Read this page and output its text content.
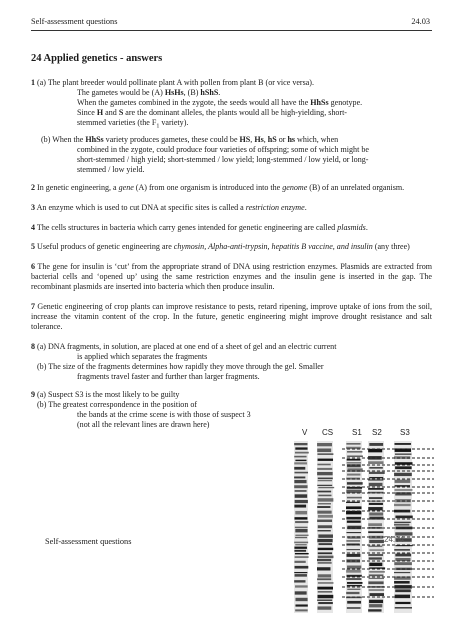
Self-assessment questions	24.03
24 Applied genetics - answers
1 (a) The plant breeder would pollinate plant A with pollen from plant B (or vice versa).
The gametes would be (A) HsHs, (B) hShS.
When the gametes combined in the zygote, the seeds would all have the HhSs genotype.
Since H and S are the dominant alleles, the plants would all be high-yielding, short-
stemmed varieties (the $F_1$ variety).
(b) When the HhSs variety produces gametes, these could be HS, Hs, hS or hs which, when
combined in the zygote, could produce four varieties of offspring; some of which might be
short-stemmed / high yield; short-stemmed / low yield; long-stemmed / low yield, or long-
stemmed / low yield.
2 In genetic engineering, a gene (A) from one organism is introduced into the genome (B) of an unrelated organism.
3 An enzyme which is used to cut DNA at specific sites is called a restriction enzyme.
4 The cells structures in bacteria which carry genes intended for genetic engineering are called plasmids.
5 Useful producs of genetic engineering are chymosin, Alpha-anti-trypsin, hepatitis B vaccine, and insulin (any three)
6 The gene for insulin is ‘cut’ from the appropriate strand of DNA using restriction enzymes. Plasmids are extracted from bacterial cells and ‘opened up’ using the same restriction enzymes and the insulin gene is inserted in the gap. The recombinant plasmids are inserted into bacteria which then produce insulin.
7 Genetic engineering of crop plants can improve resistance to pests, retard ripening, improve uptake of ions from the soil, increase the vitamin content of the crop. In the future, genetic engineering might improve drought resistance and salt tolerance.
8 (a) DNA fragments, in solution, are placed at one end of a sheet of gel and an electric current
is applied which separates the fragments
(b) The size of the fragments determines how rapidly they move through the gel. Smaller
fragments travel faster and further than larger fragments.
9 (a) Suspect S3 is the most likely to be guilty
(b) The greatest correspondence in the position of
the bands at the crime scene is with those of suspect 3
(not all the relevant lines are drawn here)
Self-assessment questions
V CS S1 S2 S3
24.04
